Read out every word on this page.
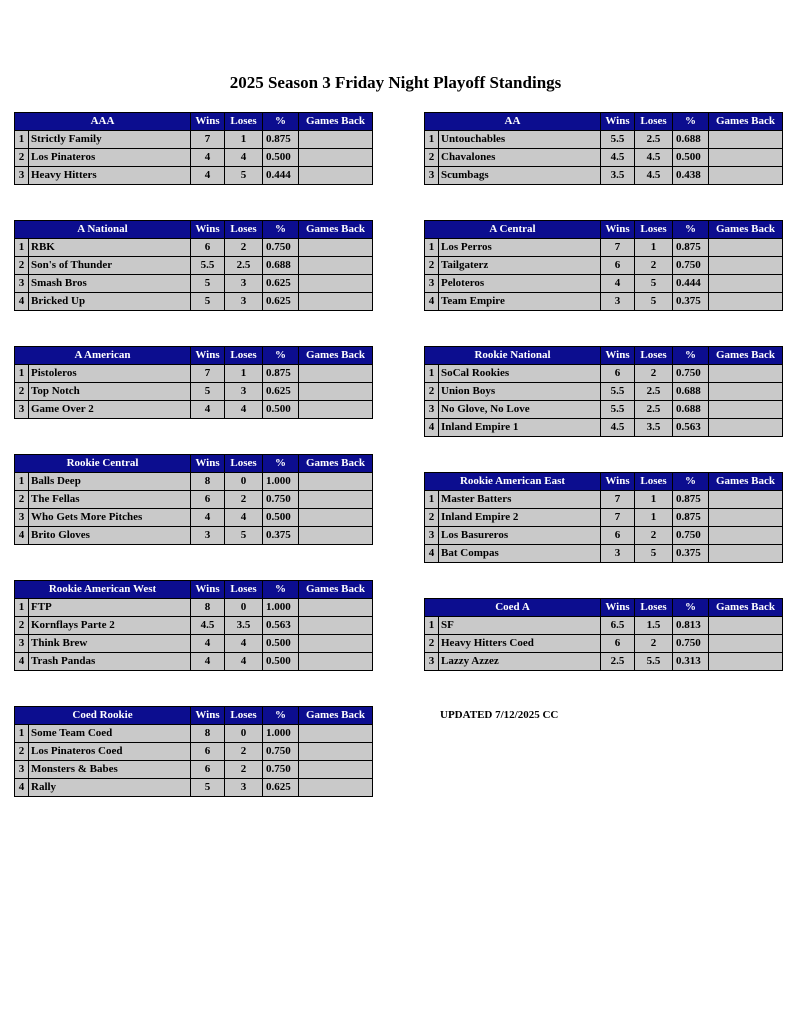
2025 Season 3 Friday Night Playoff Standings
AAA		Wins	Loses	%	Games Back
1	Strictly Family	7	1	0.875	
2	Los Pinateros	4	4	0.500	
3	Heavy Hitters	4	5	0.444	
AA		Wins	Loses	%	Games Back
1	Untouchables	5.5	2.5	0.688	
2	Chavalones	4.5	4.5	0.500	
3	Scumbags	3.5	4.5	0.438	
A National		Wins	Loses	%	Games Back
1	RBK	6	2	0.750	
2	Son's of Thunder	5.5	2.5	0.688	
3	Smash Bros	5	3	0.625	
4	Bricked Up	5	3	0.625	
A Central		Wins	Loses	%	Games Back
1	Los Perros	7	1	0.875	
2	Tailgaterz	6	2	0.750	
3	Peloteros	4	5	0.444	
4	Team Empire	3	5	0.375	
A American		Wins	Loses	%	Games Back
1	Pistoleros	7	1	0.875	
2	Top Notch	5	3	0.625	
3	Game Over 2	4	4	0.500	
Rookie National		Wins	Loses	%	Games Back
1	SoCal Rookies	6	2	0.750	
2	Union Boys	5.5	2.5	0.688	
3	No Glove, No Love	5.5	2.5	0.688	
4	Inland Empire 1	4.5	3.5	0.563	
Rookie Central		Wins	Loses	%	Games Back
1	Balls Deep	8	0	1.000	
2	The Fellas	6	2	0.750	
3	Who Gets More Pitches	4	4	0.500	
4	Brito Gloves	3	5	0.375	
Rookie American East		Wins	Loses	%	Games Back
1	Master Batters	7	1	0.875	
2	Inland Empire 2	7	1	0.875	
3	Los Basureros	6	2	0.750	
4	Bat Compas	3	5	0.375	
Rookie American West		Wins	Loses	%	Games Back
1	FTP	8	0	1.000	
2	Kornflays Parte 2	4.5	3.5	0.563	
3	Think Brew	4	4	0.500	
4	Trash Pandas	4	4	0.500	
Coed A		Wins	Loses	%	Games Back
1	SF	6.5	1.5	0.813	
2	Heavy Hitters Coed	6	2	0.750	
3	Lazzy Azzez	2.5	5.5	0.313	
Coed Rookie		Wins	Loses	%	Games Back
1	Some Team Coed	8	0	1.000	
2	Los Pinateros Coed	6	2	0.750	
3	Monsters & Babes	6	2	0.750	
4	Rally	5	3	0.625	
UPDATED 7/12/2025 CC
